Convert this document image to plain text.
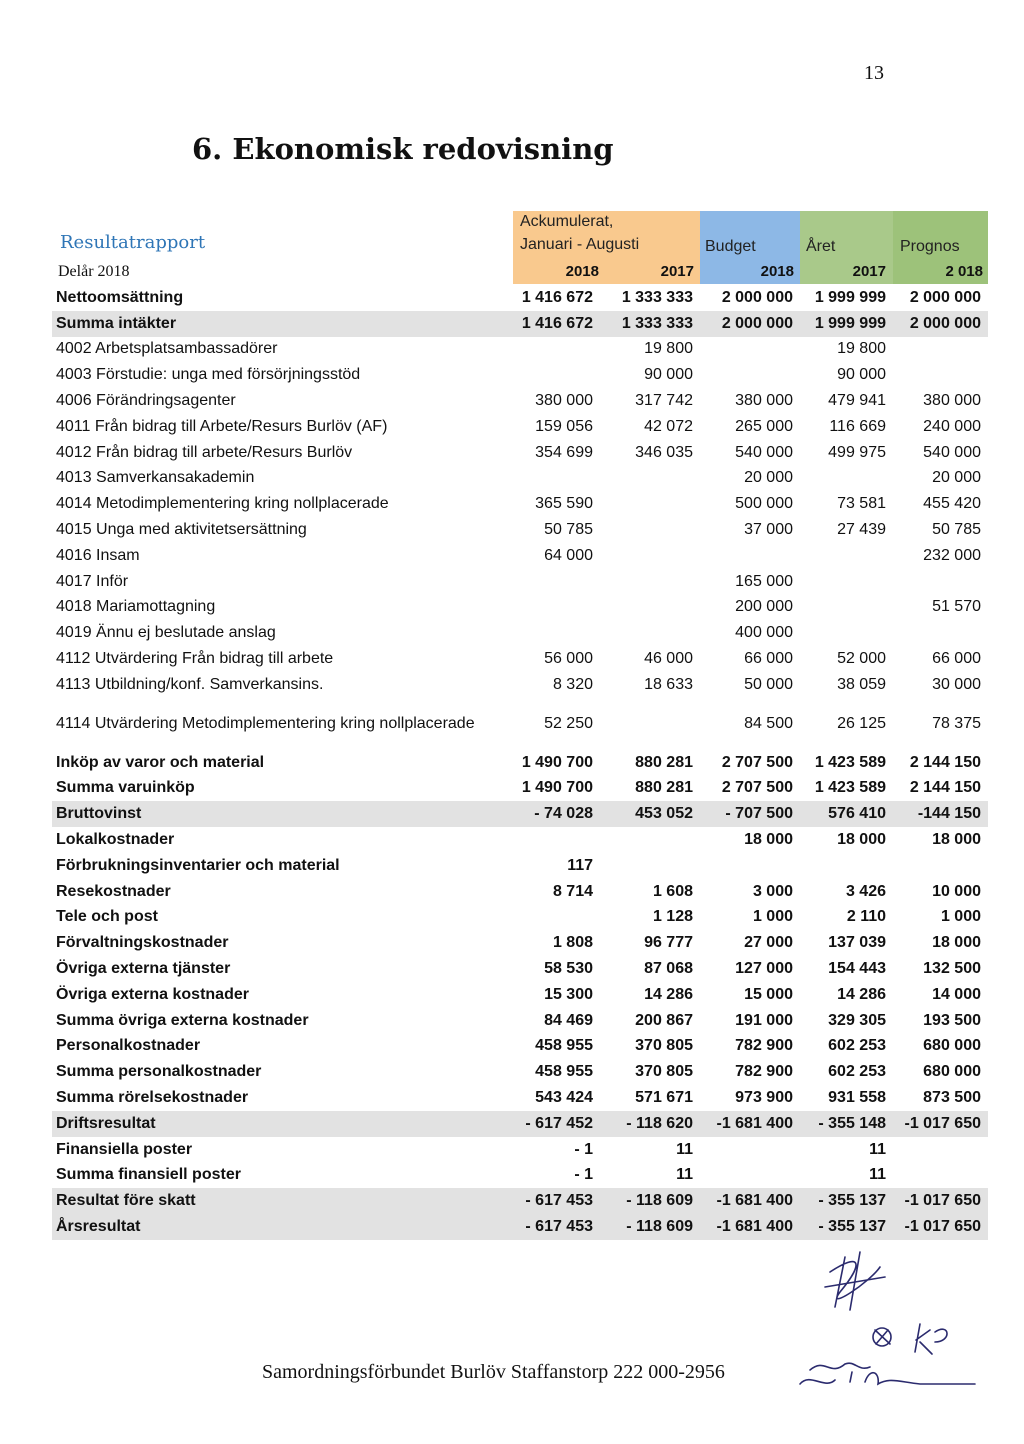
13
6. Ekonomisk redovisning
Resultatrapport
Delår 2018
Ackumulerat,
Januari - Augusti	Budget	Året	Prognos
2018	2017	2018	2017	2 018
Nettoomsättning	1 416 672	1 333 333	2 000 000	1 999 999	2 000 000
Summa intäkter	1 416 672	1 333 333	2 000 000	1 999 999	2 000 000
4002 Arbetsplatsambassadörer		19 800		19 800	
4003 Förstudie: unga med försörjningsstöd		90 000		90 000	
4006 Förändringsagenter	380 000	317 742	380 000	479 941	380 000
4011 Från bidrag till Arbete/Resurs Burlöv (AF)	159 056	42 072	265 000	116 669	240 000
4012 Från bidrag till arbete/Resurs Burlöv	354 699	346 035	540 000	499 975	540 000
4013 Samverkansakademin			20 000		20 000
4014 Metodimplementering kring nollplacerade	365 590		500 000	73 581	455 420
4015 Unga med aktivitetsersättning	50 785		37 000	27 439	50 785
4016 Insam	64 000				232 000
4017 Inför			165 000		
4018 Mariamottagning			200 000		51 570
4019 Ännu ej beslutade anslag			400 000		
4112 Utvärdering Från bidrag till arbete	56 000	46 000	66 000	52 000	66 000
4113 Utbildning/konf. Samverkansins.	8 320	18 633	50 000	38 059	30 000
4114 Utvärdering Metodimplementering kring nollplacerade	52 250		84 500	26 125	78 375
Inköp av varor och material	1 490 700	880 281	2 707 500	1 423 589	2 144 150
Summa varuinköp	1 490 700	880 281	2 707 500	1 423 589	2 144 150
Bruttovinst	- 74 028	453 052	- 707 500	576 410	-144 150
Lokalkostnader			18 000	18 000	18 000
Förbrukningsinventarier och material	117				
Resekostnader	8 714	1 608	3 000	3 426	10 000
Tele och post		1 128	1 000	2 110	1 000
Förvaltningskostnader	1 808	96 777	27 000	137 039	18 000
Övriga externa tjänster	58 530	87 068	127 000	154 443	132 500
Övriga externa kostnader	15 300	14 286	15 000	14 286	14 000
Summa övriga externa kostnader	84 469	200 867	191 000	329 305	193 500
Personalkostnader	458 955	370 805	782 900	602 253	680 000
Summa personalkostnader	458 955	370 805	782 900	602 253	680 000
Summa rörelsekostnader	543 424	571 671	973 900	931 558	873 500
Driftsresultat	- 617 452	- 118 620	-1 681 400	- 355 148	-1 017 650
Finansiella poster	- 1	11		11	
Summa finansiell poster	- 1	11		11	
Resultat före skatt	- 617 453	- 118 609	-1 681 400	- 355 137	-1 017 650
Årsresultat	- 617 453	- 118 609	-1 681 400	- 355 137	-1 017 650
Samordningsförbundet Burlöv Staffanstorp 222 000-2956
